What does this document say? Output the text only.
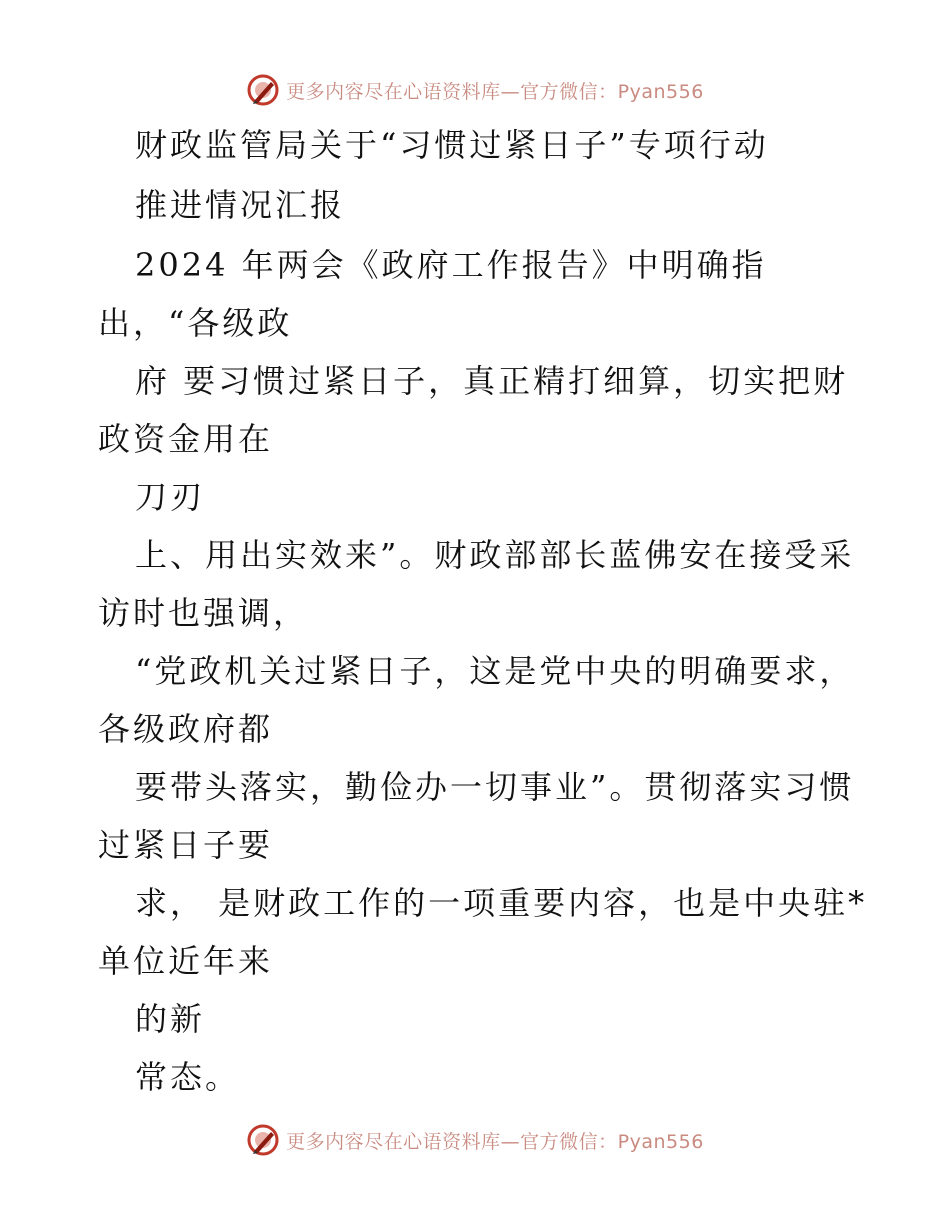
更多内容尽在心语资料库—官方微信：Pyan556

财政监管局关于“习惯过紧日子”专项行动

推进情况汇报

2024 年两会《政府工作报告》中明确指

出，“各级政

府 要习惯过紧日子，真正精打细算，切实把财

政资金用在

刀刃

上、用出实效来”。财政部部长蓝佛安在接受采

访时也强调，

“党政机关过紧日子，这是党中央的明确要求，

各级政府都

要带头落实，勤俭办一切事业”。贯彻落实习惯

过紧日子要

求， 是财政工作的一项重要内容，也是中央驻*

单位近年来

的新

常态。

更多内容尽在心语资料库—官方微信：Pyan556
